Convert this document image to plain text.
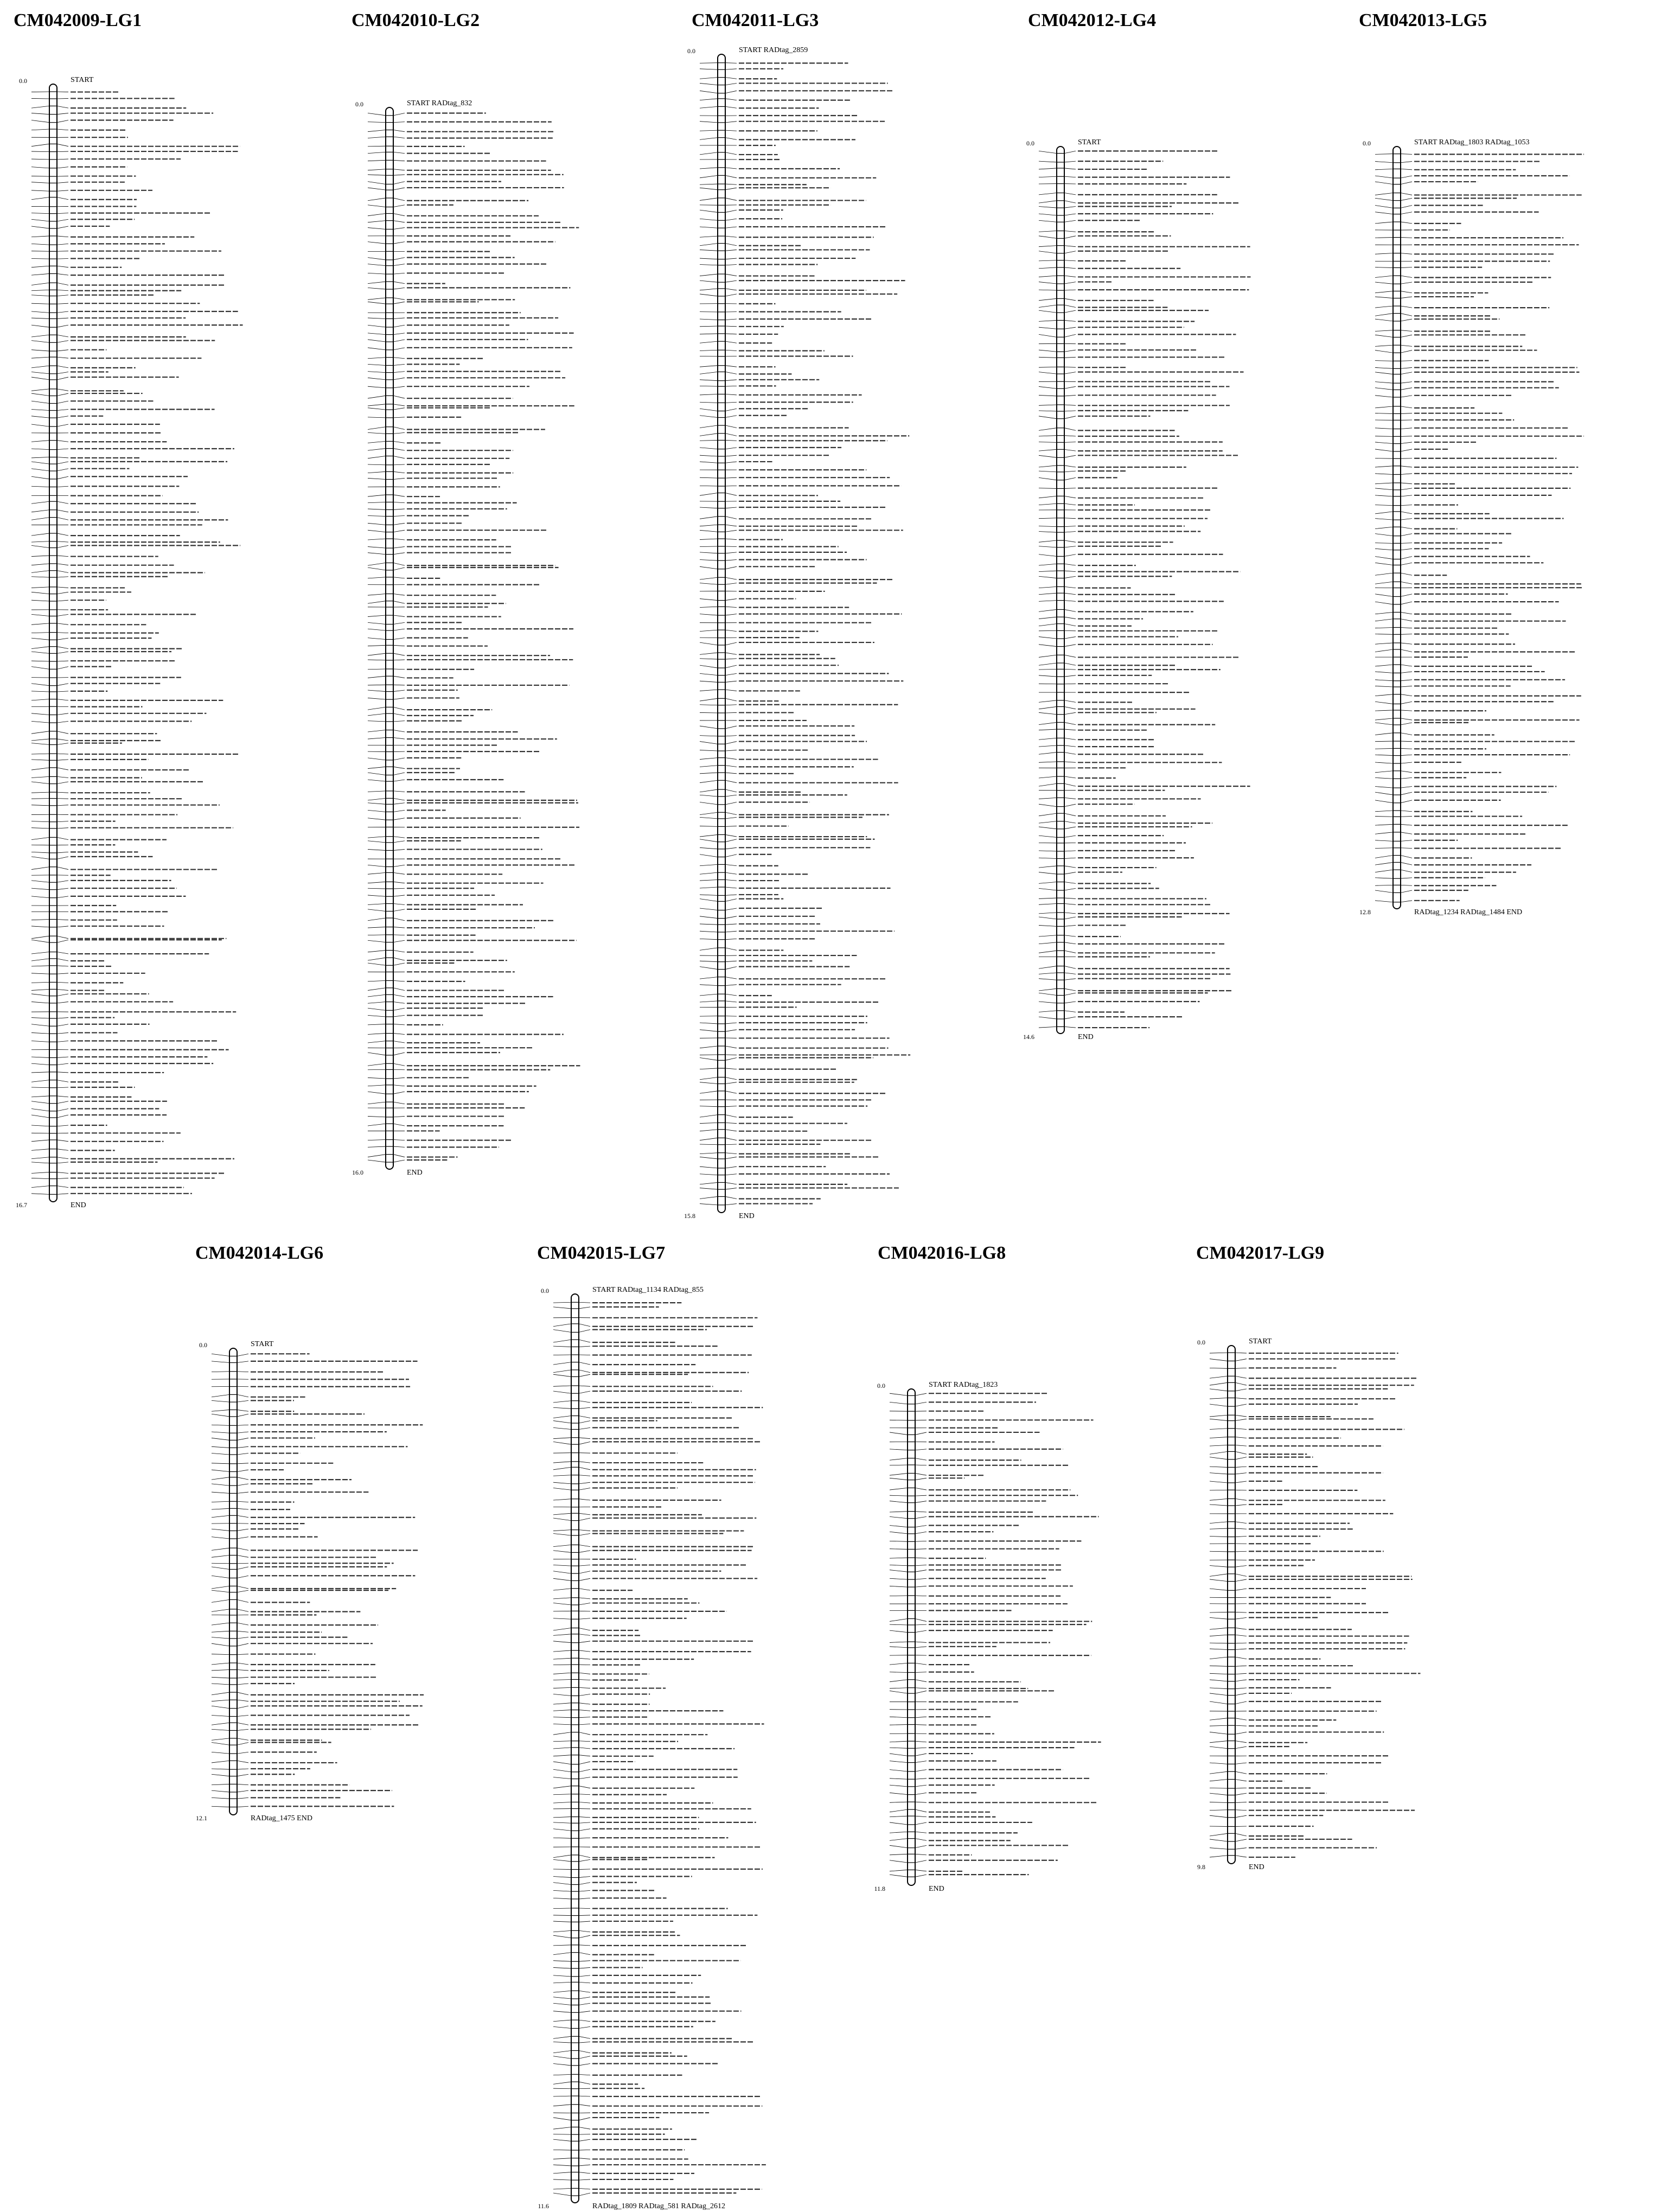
CM042009-LG1
0.0	START
16.7	END
CM042010-LG2
0.0	START RADtag_832
16.0	END
CM042011-LG3
0.0	START RADtag_2859
15.8	END
CM042012-LG4
0.0	START
14.6	END
CM042013-LG5
0.0	START RADtag_1803 RADtag_1053
12.8	RADtag_1234 RADtag_1484 END
CM042014-LG6
0.0	START
12.1	RADtag_1475 END
CM042015-LG7
0.0	START RADtag_1134 RADtag_855
11.6	RADtag_1809 RADtag_581 RADtag_2612
CM042016-LG8
0.0	START RADtag_1823
11.8	END
CM042017-LG9
0.0	START
9.8	END
